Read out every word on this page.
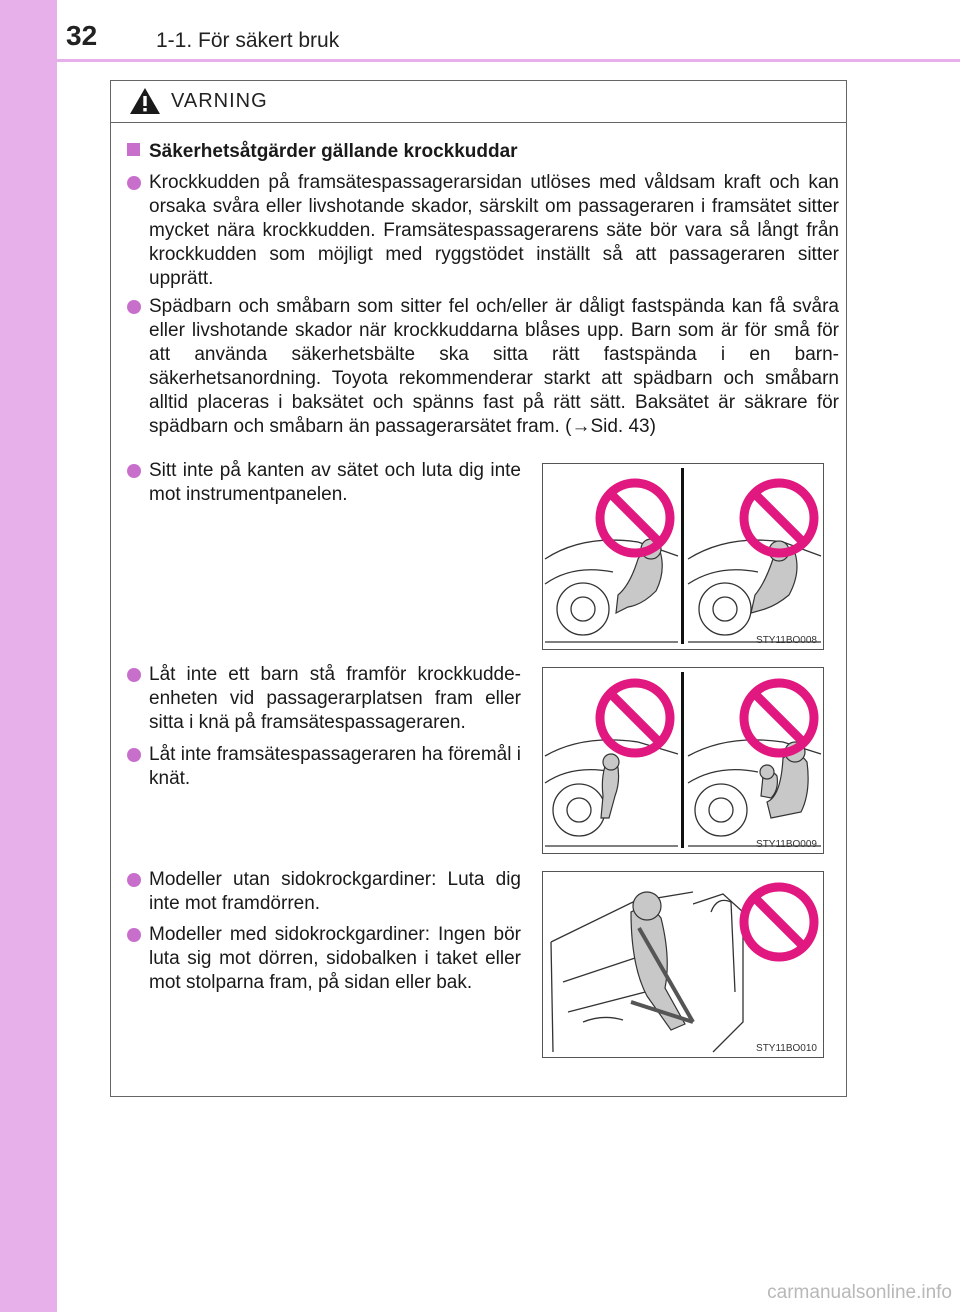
32	1-1. För säkert bruk
VARNING
Säkerhetsåtgärder gällande krockkuddar
Krockkudden på framsätespassagerarsidan utlöses med våldsam kraft och kan orsaka svåra eller livshotande skador, särskilt om passageraren i framsätet sitter mycket nära krockkudden. Framsätespassagerarens säte bör vara så långt från krockkudden som möjligt med ryggstödet inställt så att passageraren sitter upprätt.
Spädbarn och småbarn som sitter fel och/eller är dåligt fastspända kan få svåra eller livshotande skador när krockkuddarna blåses upp. Barn som är för små för att använda säkerhetsbälte ska sitta rätt fastspända i en barn-säkerhetsanordning. Toyota rekommenderar starkt att spädbarn och småbarn alltid placeras i baksätet och spänns fast på rätt sätt. Baksätet är säkrare för spädbarn och småbarn än passagerarsätet fram. (→Sid. 43)
Sitt inte på kanten av sätet och luta dig inte mot instrumentpanelen.
Låt inte ett barn stå framför krockkudde-enheten vid passagerarplatsen fram eller sitta i knä på framsätespassageraren.
Låt inte framsätespassageraren ha föremål i knät.
Modeller utan sidokrockgardiner: Luta dig inte mot framdörren.
Modeller med sidokrockgardiner: Ingen bör luta sig mot dörren, sidobalken i taket eller mot stolparna fram, på sidan eller bak.
STY11BO008
STY11BO009
STY11BO010
carmanualsonline.info
